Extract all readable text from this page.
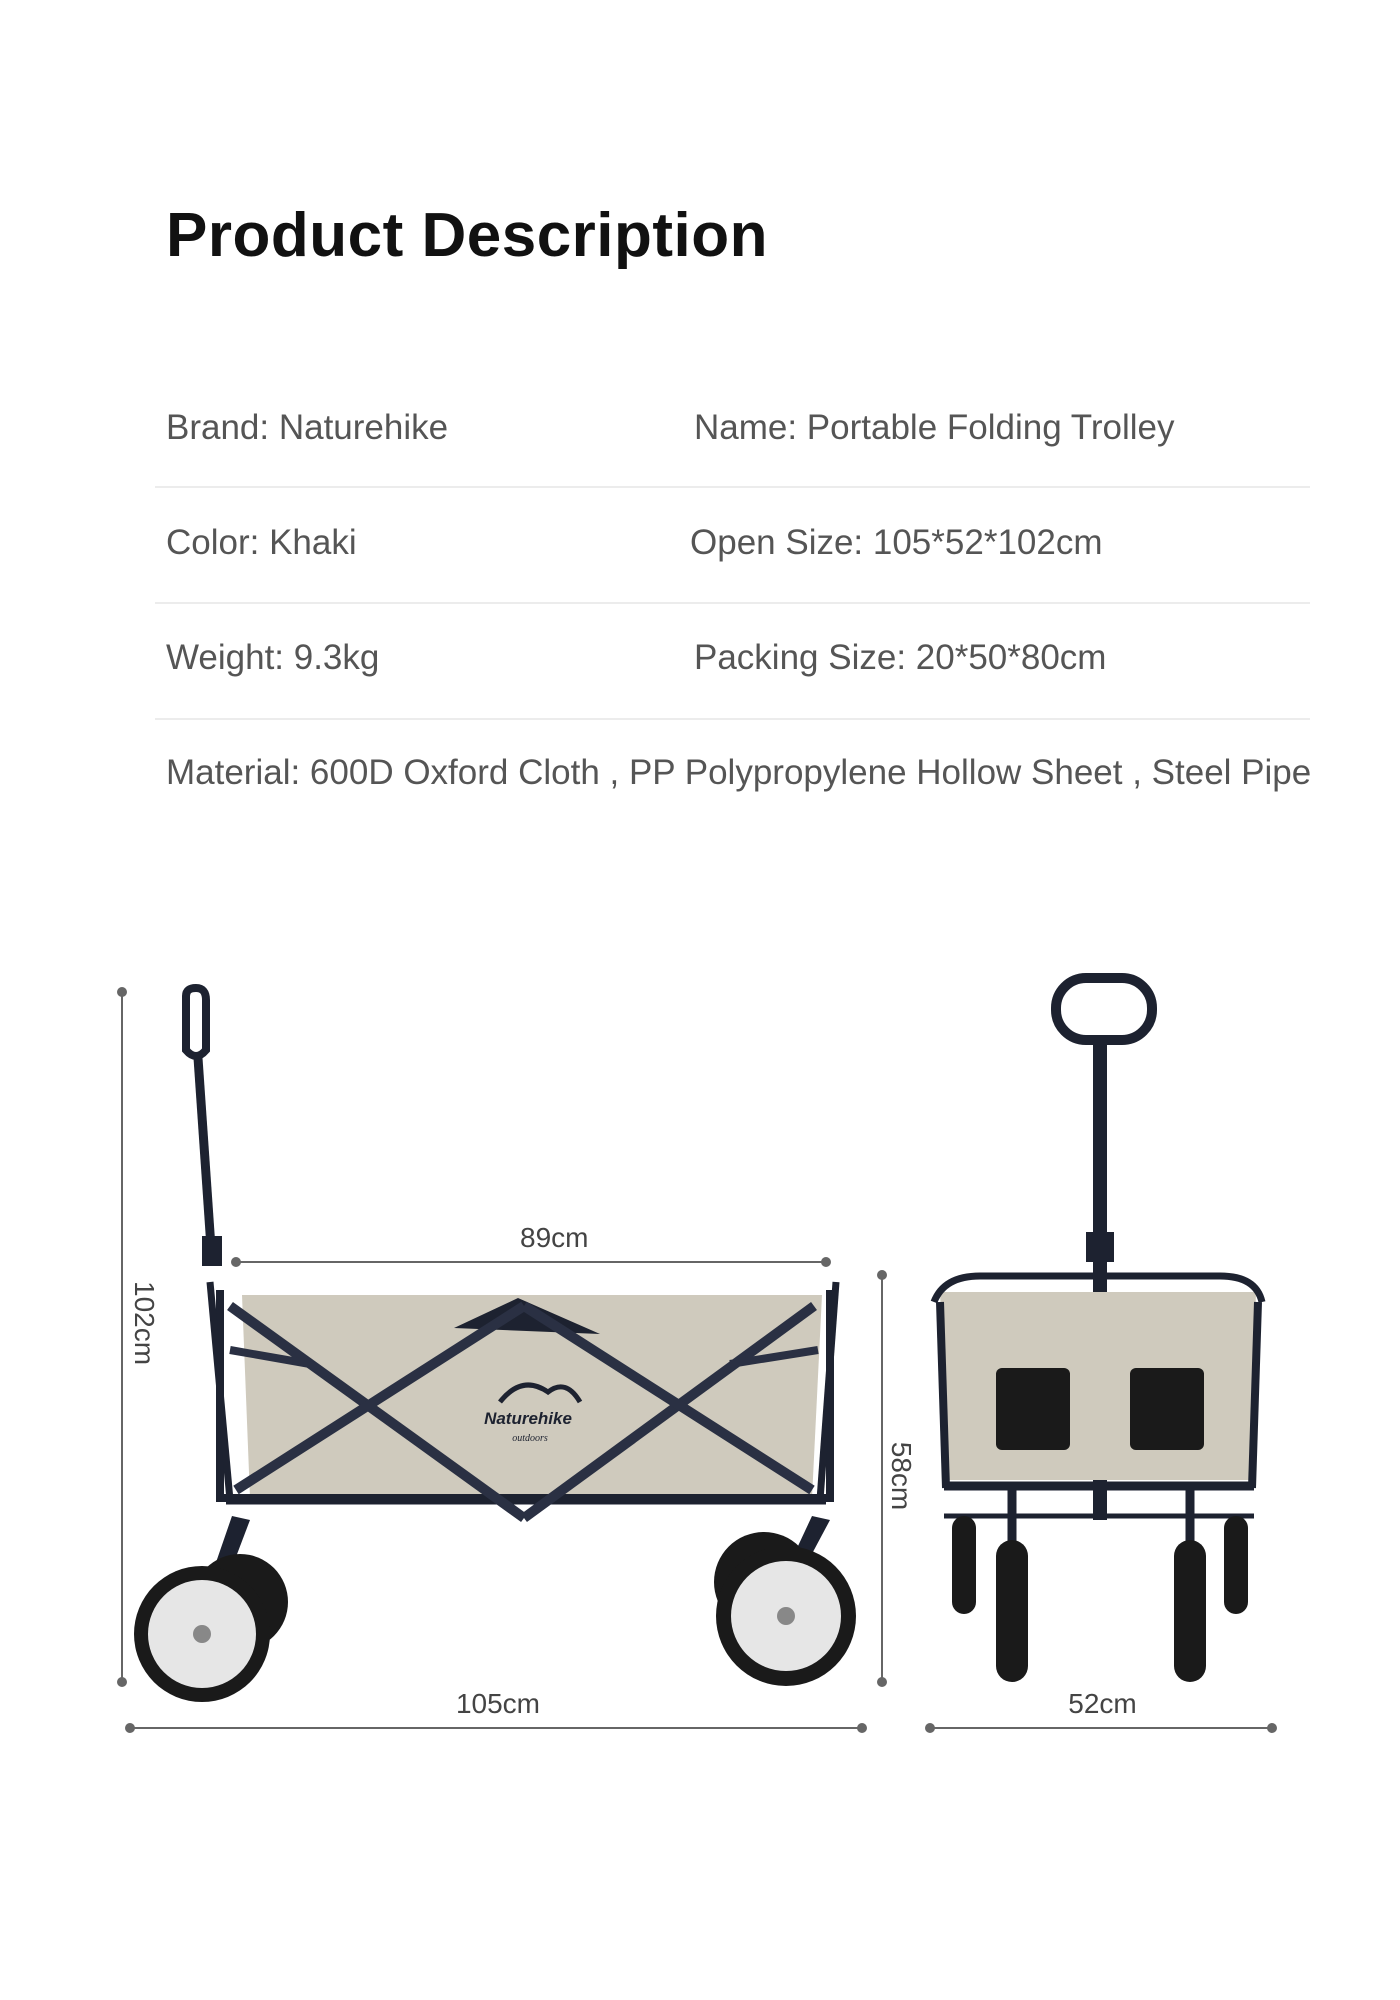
Product Description
Brand: Naturehike	Name: Portable Folding Trolley
Color: Khaki	Open Size: 105*52*102cm
Weight: 9.3kg	Packing Size: 20*50*80cm
Material: 600D Oxford Cloth , PP Polypropylene Hollow Sheet , Steel Pipe
Naturehike
outdoors
89cm
102cm
58cm
105cm	52cm
